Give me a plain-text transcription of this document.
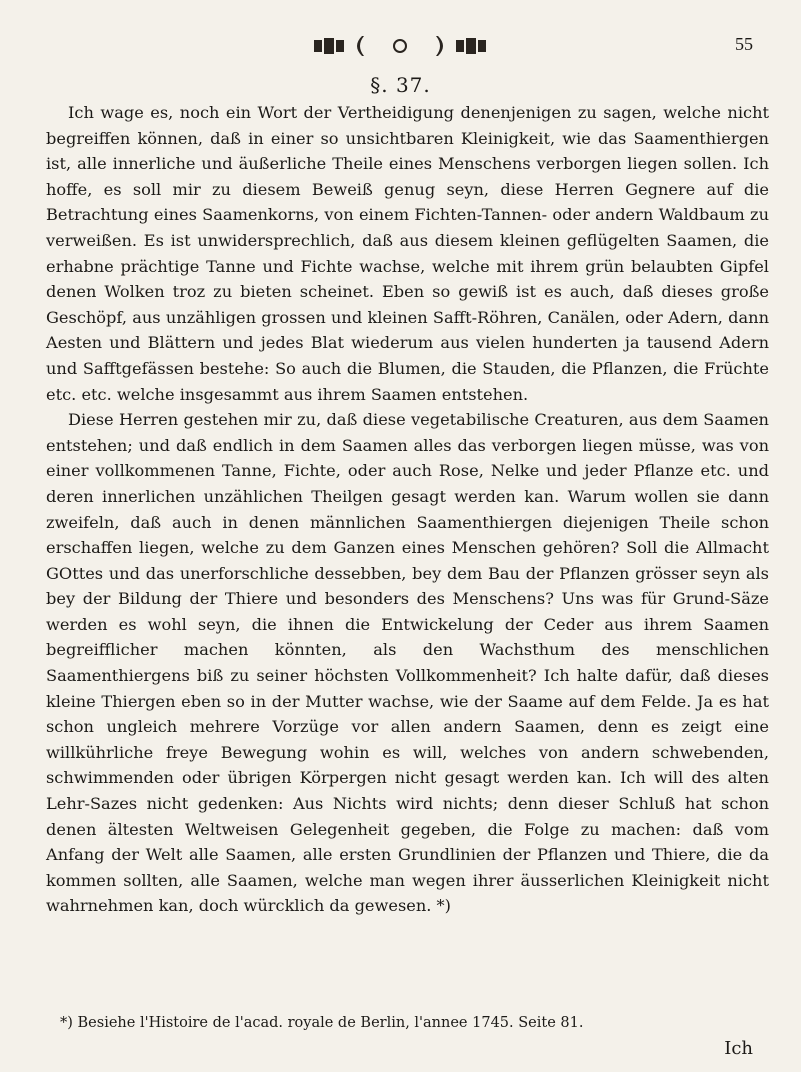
55
§. 37.

Ich wage es, noch ein Wort der Vertheidigung denenjenigen zu sagen, welche nicht begreiffen können, daß in einer so unsichtbaren Kleinigkeit, wie das Saamenthiergen ist, alle innerliche und äußerliche Theile eines Menschens verborgen liegen sollen. Ich hoffe, es soll mir zu diesem Beweiß genug seyn, diese Herren Gegnere auf die Betrachtung eines Saamenkorns, von einem Fichten-Tannen- oder andern Waldbaum zu verweißen. Es ist unwidersprechlich, daß aus diesem kleinen geflügelten Saamen, die erhabne prächtige Tanne und Fichte wachse, welche mit ihrem grün belaubten Gipfel denen Wolken troz zu bieten scheinet. Eben so gewiß ist es auch, daß dieses große Geschöpf, aus unzähligen grossen und kleinen Safft-Röhren, Canälen, oder Adern, dann Aesten und Blättern und jedes Blat wiederum aus vielen hunderten ja tausend Adern und Safftgefässen bestehe: So auch die Blumen, die Stauden, die Pflanzen, die Früchte etc. etc. welche insgesammt aus ihrem Saamen entstehen.

Diese Herren gestehen mir zu, daß diese vegetabilische Creaturen, aus dem Saamen entstehen; und daß endlich in dem Saamen alles das verborgen liegen müsse, was von einer vollkommenen Tanne, Fichte, oder auch Rose, Nelke und jeder Pflanze etc. und deren innerlichen unzählichen Theilgen gesagt werden kan. Warum wollen sie dann zweifeln, daß auch in denen männlichen Saamenthiergen diejenigen Theile schon erschaffen liegen, welche zu dem Ganzen eines Menschen gehören? Soll die Allmacht GOttes und das unerforschliche dessebben, bey dem Bau der Pflanzen grösser seyn als bey der Bildung der Thiere und besonders des Menschens? Uns was für Grund-Säze werden es wohl seyn, die ihnen die Entwickelung der Ceder aus ihrem Saamen begreifflicher machen könnten, als den Wachsthum des menschlichen Saamenthiergens biß zu seiner höchsten Vollkommenheit? Ich halte dafür, daß dieses kleine Thiergen eben so in der Mutter wachse, wie der Saame auf dem Felde. Ja es hat schon ungleich mehrere Vorzüge vor allen andern Saamen, denn es zeigt eine willkührliche freye Bewegung wohin es will, welches von andern schwebenden, schwimmenden oder übrigen Körpergen nicht gesagt werden kan. Ich will des alten Lehr-Sazes nicht gedenken: Aus Nichts wird nichts; denn dieser Schluß hat schon denen ältesten Weltweisen Gelegenheit gegeben, die Folge zu machen: daß vom Anfang der Welt alle Saamen, alle ersten Grundlinien der Pflanzen und Thiere, die da kommen sollten, alle Saamen, welche man wegen ihrer äusserlichen Kleinigkeit nicht wahrnehmen kan, doch würcklich da gewesen. *)

*) Besiehe l'Histoire de l'acad. royale de Berlin, l'annee 1745. Seite 81.
Ich
